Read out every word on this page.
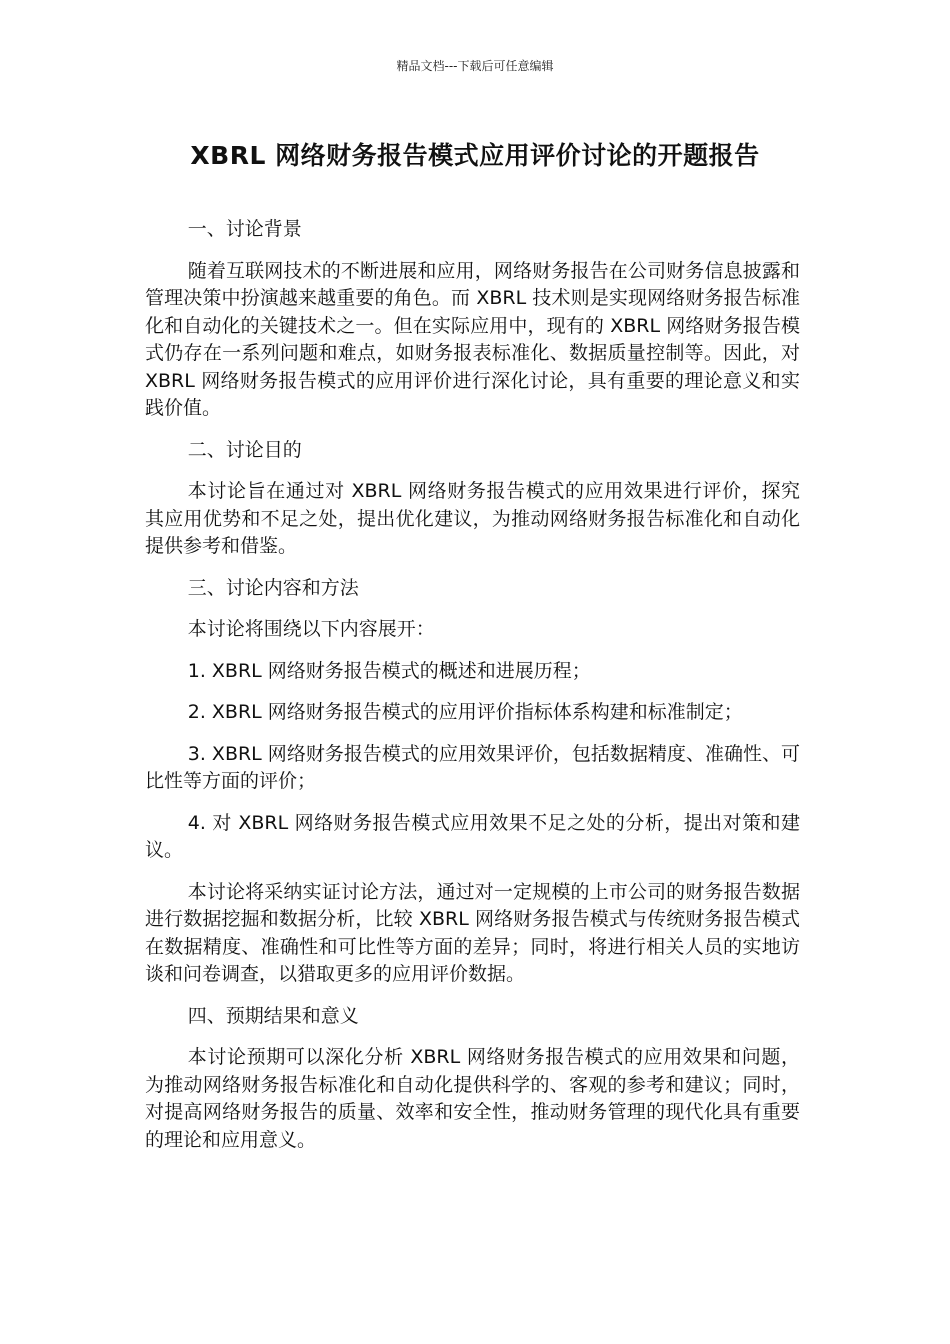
精品文档---下载后可任意编辑
XBRL 网络财务报告模式应用评价讨论的开题报告

一、讨论背景

随着互联网技术的不断进展和应用，网络财务报告在公司财务信息披露和管理决策中扮演越来越重要的角色。而 XBRL 技术则是实现网络财务报告标准化和自动化的关键技术之一。但在实际应用中，现有的 XBRL 网络财务报告模式仍存在一系列问题和难点，如财务报表标准化、数据质量控制等。因此，对 XBRL 网络财务报告模式的应用评价进行深化讨论，具有重要的理论意义和实践价值。

二、讨论目的

本讨论旨在通过对 XBRL 网络财务报告模式的应用效果进行评价，探究其应用优势和不足之处，提出优化建议，为推动网络财务报告标准化和自动化提供参考和借鉴。

三、讨论内容和方法

本讨论将围绕以下内容展开：

1. XBRL 网络财务报告模式的概述和进展历程；

2. XBRL 网络财务报告模式的应用评价指标体系构建和标准制定；

3. XBRL 网络财务报告模式的应用效果评价，包括数据精度、准确性、可比性等方面的评价；

4. 对 XBRL 网络财务报告模式应用效果不足之处的分析，提出对策和建议。

本讨论将采纳实证讨论方法，通过对一定规模的上市公司的财务报告数据进行数据挖掘和数据分析，比较 XBRL 网络财务报告模式与传统财务报告模式在数据精度、准确性和可比性等方面的差异；同时，将进行相关人员的实地访谈和问卷调查，以猎取更多的应用评价数据。

四、预期结果和意义

本讨论预期可以深化分析 XBRL 网络财务报告模式的应用效果和问题，为推动网络财务报告标准化和自动化提供科学的、客观的参考和建议；同时，对提高网络财务报告的质量、效率和安全性，推动财务管理的现代化具有重要的理论和应用意义。
